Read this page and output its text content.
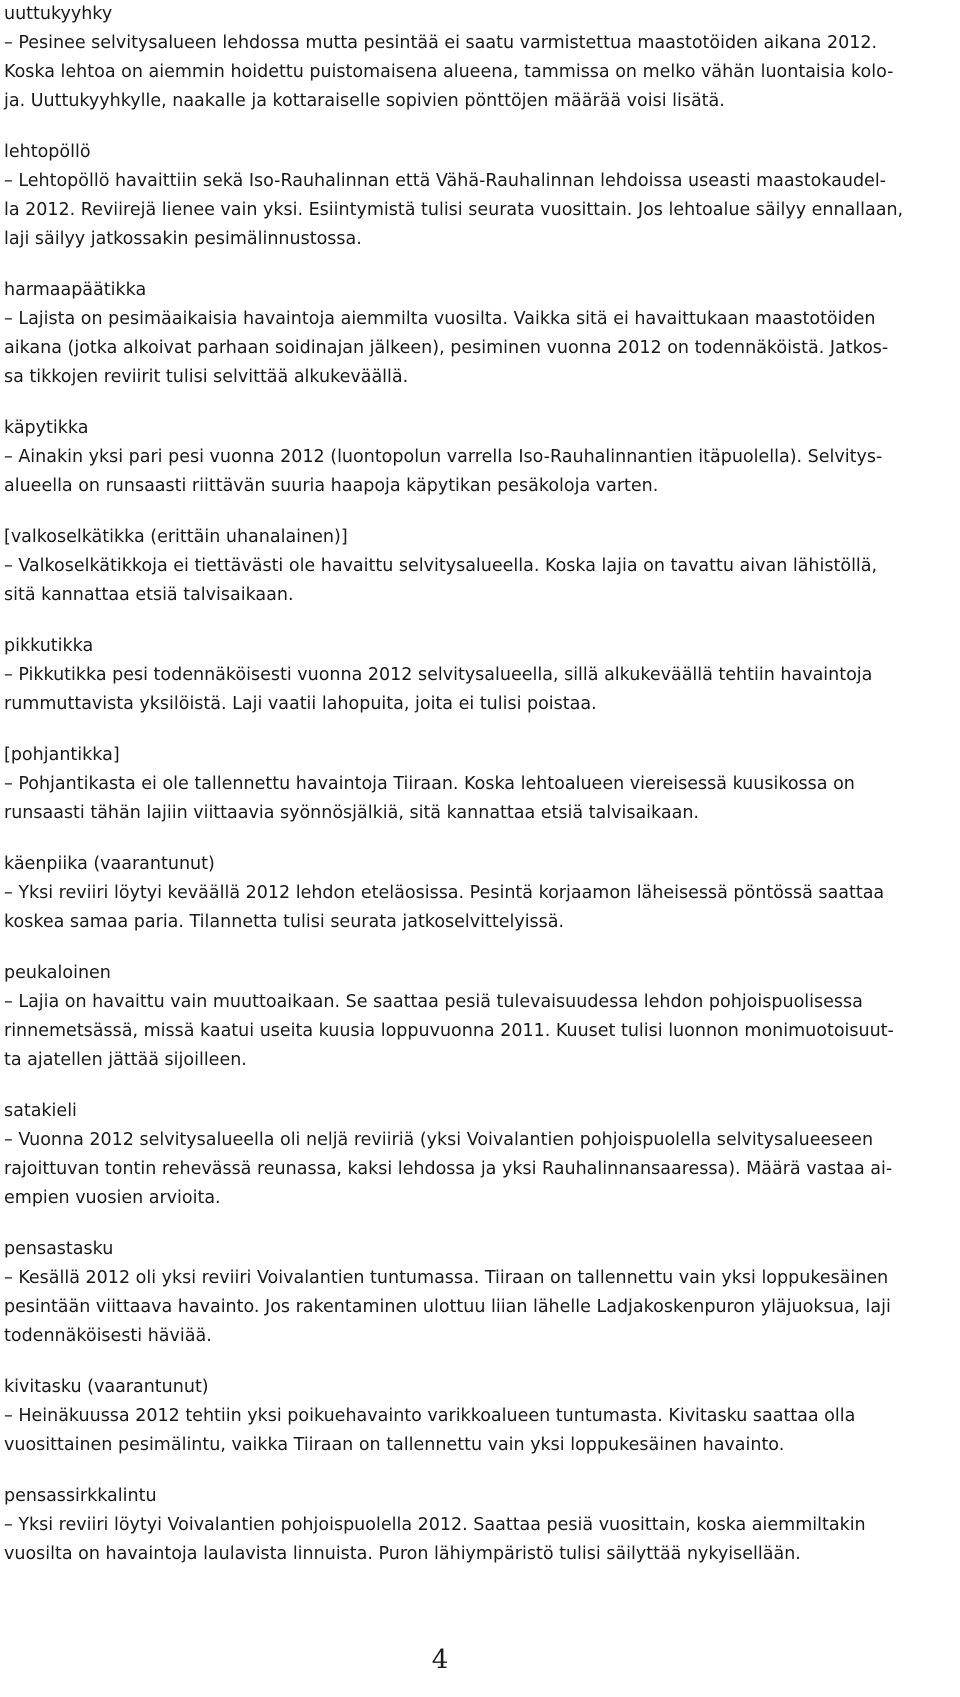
uuttukyyhky
– Pesinee selvitysalueen lehdossa mutta pesintää ei saatu varmistettua maastotöiden aikana 2012.
Koska lehtoa on aiemmin hoidettu puistomaisena alueena, tammissa on melko vähän luontaisia kolo-
ja. Uuttukyyhkylle, naakalle ja kottaraiselle sopivien pönttöjen määrää voisi lisätä.
lehtopöllö
– Lehtopöllö havaittiin sekä Iso-Rauhalinnan että Vähä-Rauhalinnan lehdoissa useasti maastokaudel-
la 2012. Reviirejä lienee vain yksi. Esiintymistä tulisi seurata vuosittain. Jos lehtoalue säilyy ennallaan,
laji säilyy jatkossakin pesimälinnustossa.
harmaapäätikka
– Lajista on pesimäaikaisia havaintoja aiemmilta vuosilta. Vaikka sitä ei havaittukaan maastotöiden
aikana (jotka alkoivat parhaan soidinajan jälkeen), pesiminen vuonna 2012 on todennäköistä. Jatkos-
sa tikkojen reviirit tulisi selvittää alkukeväällä.
käpytikka
– Ainakin yksi pari pesi vuonna 2012 (luontopolun varrella Iso-Rauhalinnantien itäpuolella). Selvitys-
alueella on runsaasti riittävän suuria haapoja käpytikan pesäkoloja varten.
[valkoselkätikka (erittäin uhanalainen)]
– Valkoselkätikkoja ei tiettävästi ole havaittu selvitysalueella. Koska lajia on tavattu aivan lähistöllä,
sitä kannattaa etsiä talvisaikaan.
pikkutikka
– Pikkutikka pesi todennäköisesti vuonna 2012 selvitysalueella, sillä alkukeväällä tehtiin havaintoja
rummuttavista yksilöistä. Laji vaatii lahopuita, joita ei tulisi poistaa.
[pohjantikka]
– Pohjantikasta ei ole tallennettu havaintoja Tiiraan. Koska lehtoalueen viereisessä kuusikossa on
runsaasti tähän lajiin viittaavia syönnösjälkiä, sitä kannattaa etsiä talvisaikaan.
käenpiika (vaarantunut)
– Yksi reviiri löytyi keväällä 2012 lehdon eteläosissa. Pesintä korjaamon läheisessä pöntössä saattaa
koskea samaa paria. Tilannetta tulisi seurata jatkoselvittelyissä.
peukaloinen
– Lajia on havaittu vain muuttoaikaan. Se saattaa pesiä tulevaisuudessa lehdon pohjoispuolisessa
rinnemetsässä, missä kaatui useita kuusia loppuvuonna 2011. Kuuset tulisi luonnon monimuotoisuut-
ta ajatellen jättää sijoilleen.
satakieli
– Vuonna 2012 selvitysalueella oli neljä reviiriä (yksi Voivalantien pohjoispuolella selvitysalueeseen
rajoittuvan tontin rehevässä reunassa, kaksi lehdossa ja yksi Rauhalinnansaaressa). Määrä vastaa ai-
empien vuosien arvioita.
pensastasku
– Kesällä 2012 oli yksi reviiri Voivalantien tuntumassa. Tiiraan on tallennettu vain yksi loppukesäinen
pesintään viittaava havainto. Jos rakentaminen ulottuu liian lähelle Ladjakoskenpuron yläjuoksua, laji
todennäköisesti häviää.
kivitasku (vaarantunut)
– Heinäkuussa 2012 tehtiin yksi poikuehavainto varikkoalueen tuntumasta. Kivitasku saattaa olla
vuosittainen pesimälintu, vaikka Tiiraan on tallennettu vain yksi loppukesäinen havainto.
pensassirkkalintu
– Yksi reviiri löytyi Voivalantien pohjoispuolella 2012. Saattaa pesiä vuosittain, koska aiemmiltakin
vuosilta on havaintoja laulavista linnuista. Puron lähiympäristö tulisi säilyttää nykyisellään.
4
